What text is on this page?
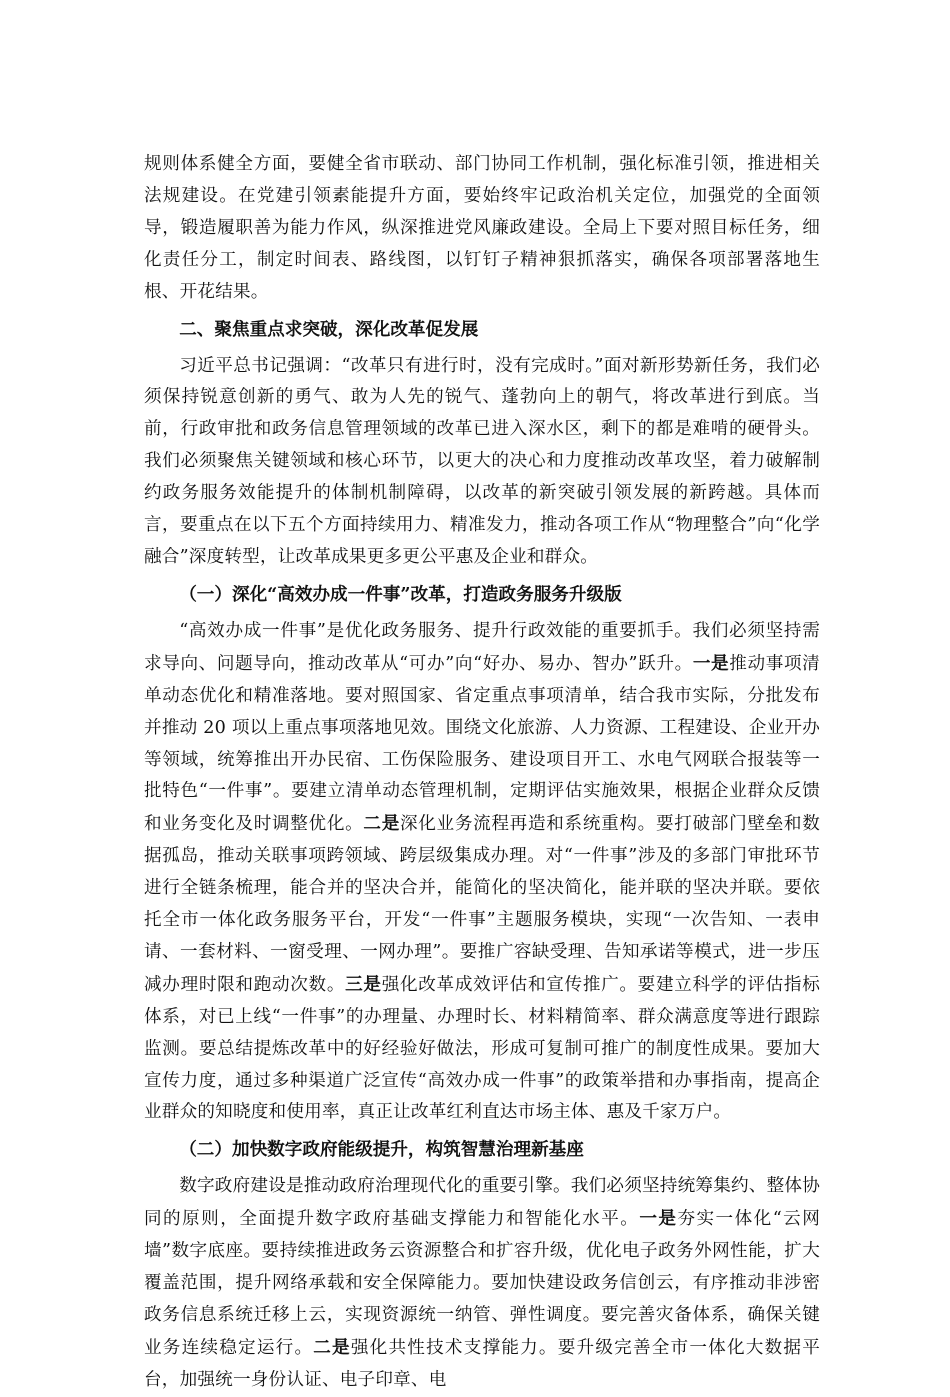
规则体系健全方面，要健全省市联动、部门协同工作机制，强化标准引领，推进相关法规建设。在党建引领素能提升方面，要始终牢记政治机关定位，加强党的全面领导，锻造履职善为能力作风，纵深推进党风廉政建设。全局上下要对照目标任务，细化责任分工，制定时间表、路线图，以钉钉子精神狠抓落实，确保各项部署落地生根、开花结果。

二、聚焦重点求突破，深化改革促发展

习近平总书记强调：“改革只有进行时，没有完成时。”面对新形势新任务，我们必须保持锐意创新的勇气、敢为人先的锐气、蓬勃向上的朝气，将改革进行到底。当前，行政审批和政务信息管理领域的改革已进入深水区，剩下的都是难啃的硬骨头。我们必须聚焦关键领域和核心环节，以更大的决心和力度推动改革攻坚，着力破解制约政务服务效能提升的体制机制障碍，以改革的新突破引领发展的新跨越。具体而言，要重点在以下五个方面持续用力、精准发力，推动各项工作从“物理整合”向“化学融合”深度转型，让改革成果更多更公平惠及企业和群众。

（一）深化“高效办成一件事”改革，打造政务服务升级版

“高效办成一件事”是优化政务服务、提升行政效能的重要抓手。我们必须坚持需求导向、问题导向，推动改革从“可办”向“好办、易办、智办”跃升。一是推动事项清单动态优化和精准落地。要对照国家、省定重点事项清单，结合我市实际，分批发布并推动 20 项以上重点事项落地见效。围绕文化旅游、人力资源、工程建设、企业开办等领域，统筹推出开办民宿、工伤保险服务、建设项目开工、水电气网联合报装等一批特色“一件事”。要建立清单动态管理机制，定期评估实施效果，根据企业群众反馈和业务变化及时调整优化。二是深化业务流程再造和系统重构。要打破部门壁垒和数据孤岛，推动关联事项跨领域、跨层级集成办理。对“一件事”涉及的多部门审批环节进行全链条梳理，能合并的坚决合并，能简化的坚决简化，能并联的坚决并联。要依托全市一体化政务服务平台，开发“一件事”主题服务模块，实现“一次告知、一表申请、一套材料、一窗受理、一网办理”。要推广容缺受理、告知承诺等模式，进一步压减办理时限和跑动次数。三是强化改革成效评估和宣传推广。要建立科学的评估指标体系，对已上线“一件事”的办理量、办理时长、材料精简率、群众满意度等进行跟踪监测。要总结提炼改革中的好经验好做法，形成可复制可推广的制度性成果。要加大宣传力度，通过多种渠道广泛宣传“高效办成一件事”的政策举措和办事指南，提高企业群众的知晓度和使用率，真正让改革红利直达市场主体、惠及千家万户。

（二）加快数字政府能级提升，构筑智慧治理新基座

数字政府建设是推动政府治理现代化的重要引擎。我们必须坚持统筹集约、整体协同的原则，全面提升数字政府基础支撑能力和智能化水平。一是夯实一体化“云网墙”数字底座。要持续推进政务云资源整合和扩容升级，优化电子政务外网性能，扩大覆盖范围，提升网络承载和安全保障能力。要加快建设政务信创云，有序推动非涉密政务信息系统迁移上云，实现资源统一纳管、弹性调度。要完善灾备体系，确保关键业务连续稳定运行。二是强化共性技术支撑能力。要升级完善全市一体化大数据平台，加强统一身份认证、电子印章、电
